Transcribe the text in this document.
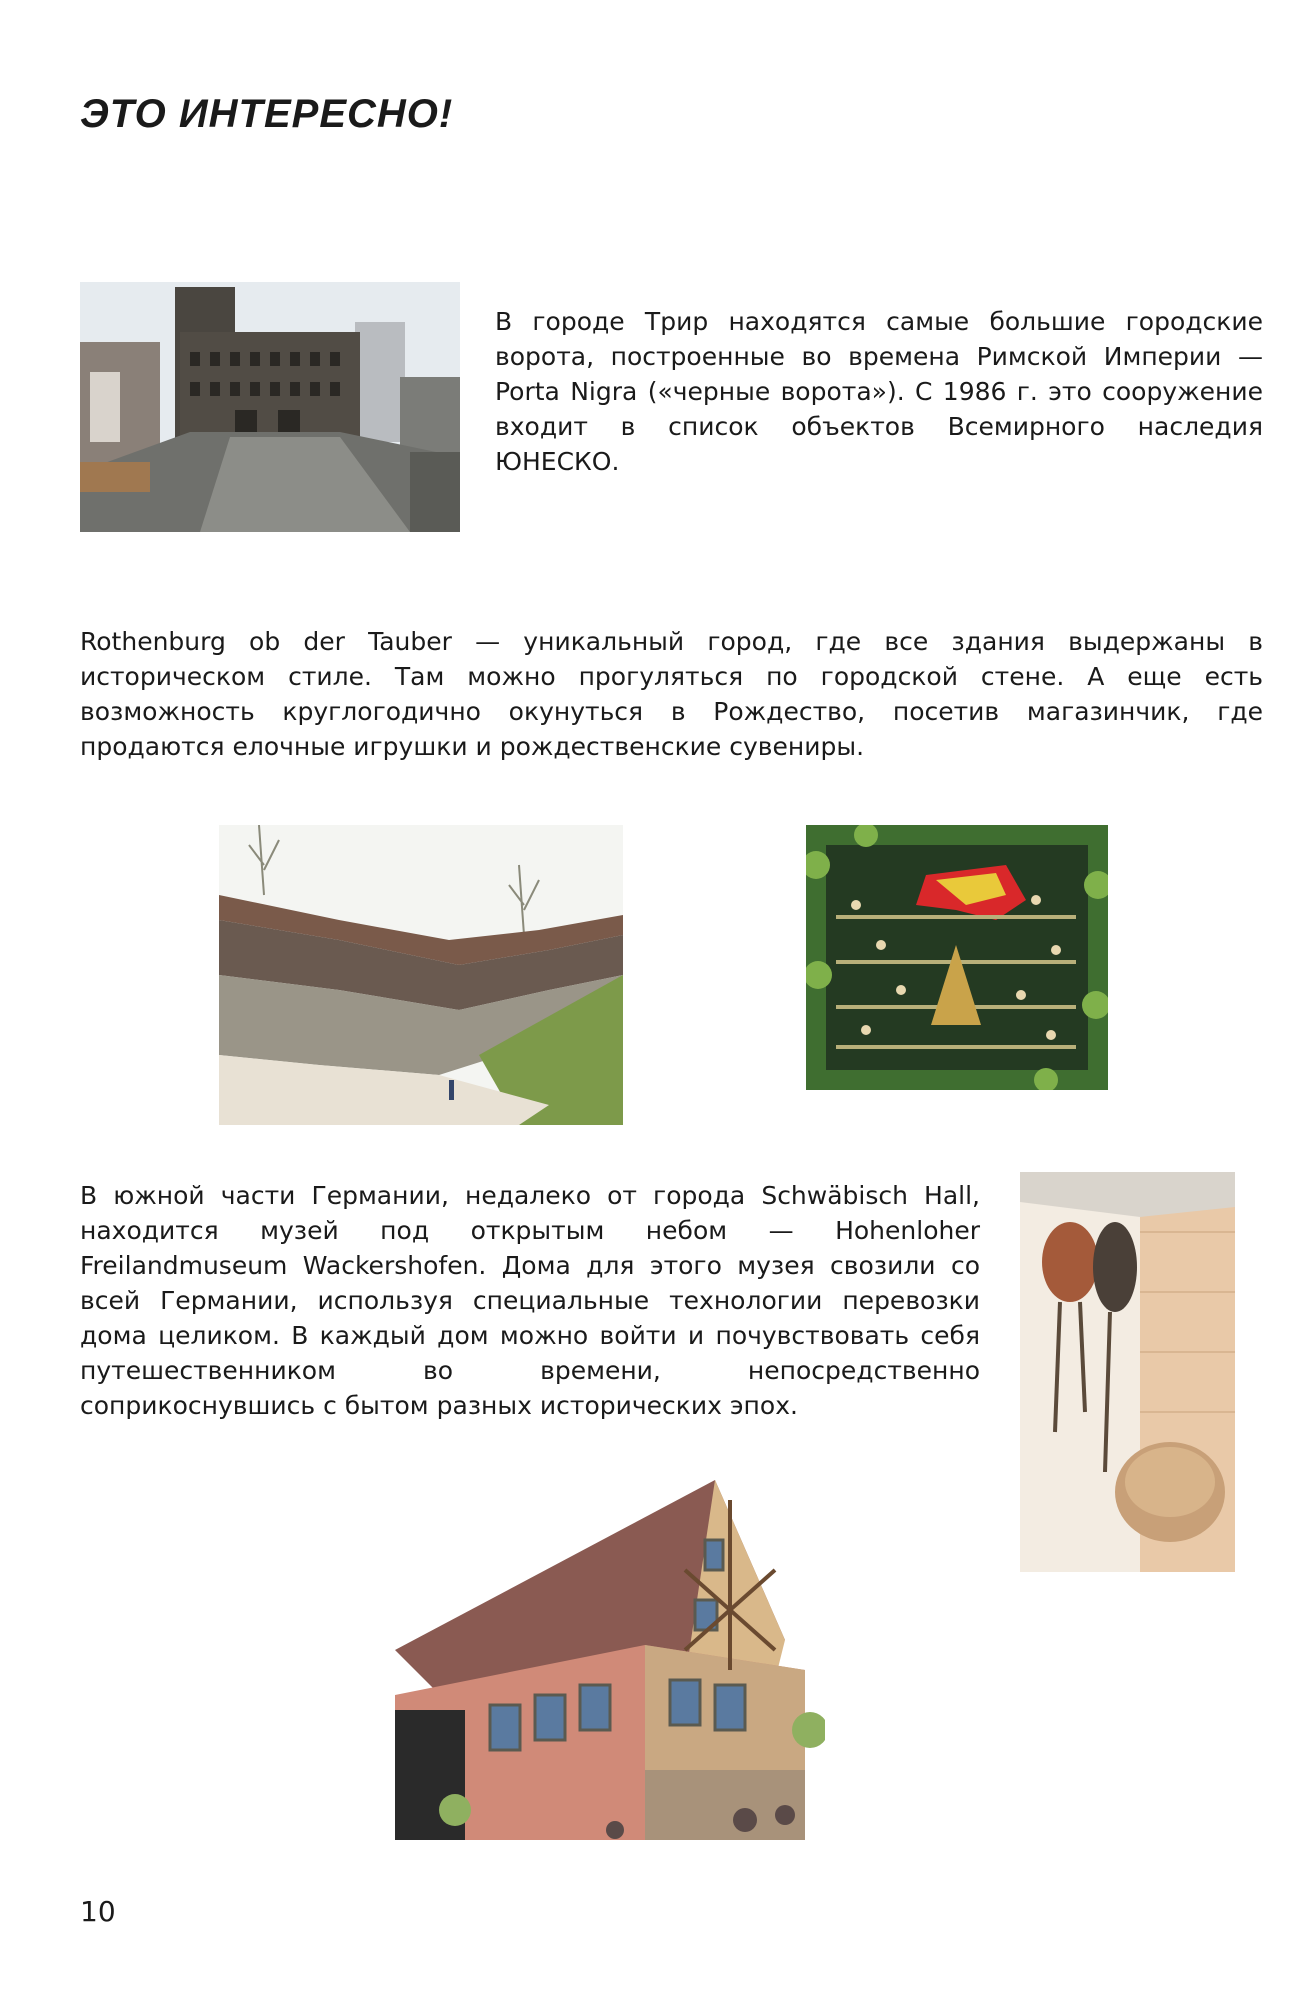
ЭТО ИНТЕРЕСНО!
В городе Трир находятся самые большие городские ворота, построенные во времена Римской Империи — Porta Nigra («черные ворота»). С 1986 г. это сооружение входит в список объектов Всемирного наследия ЮНЕСКО.
Rothenburg ob der Tauber — уникальный город, где все здания выдержаны в историческом стиле. Там можно прогуляться по городской стене. А еще есть возможность круглогодично окунуться в Рождество, посетив магазинчик, где продаются елочные игрушки и рождественские сувениры.
В южной части Германии, недалеко от города Schwäbisch Hall, находится музей под открытым небом — Hohenloher Freilandmuseum Wackershofen. Дома для этого музея свозили со всей Германии, используя специальные технологии перевозки дома целиком. В каждый дом можно войти и почувствовать себя путешественником во времени, непосредственно соприкоснувшись с бытом разных исторических эпох.
10
